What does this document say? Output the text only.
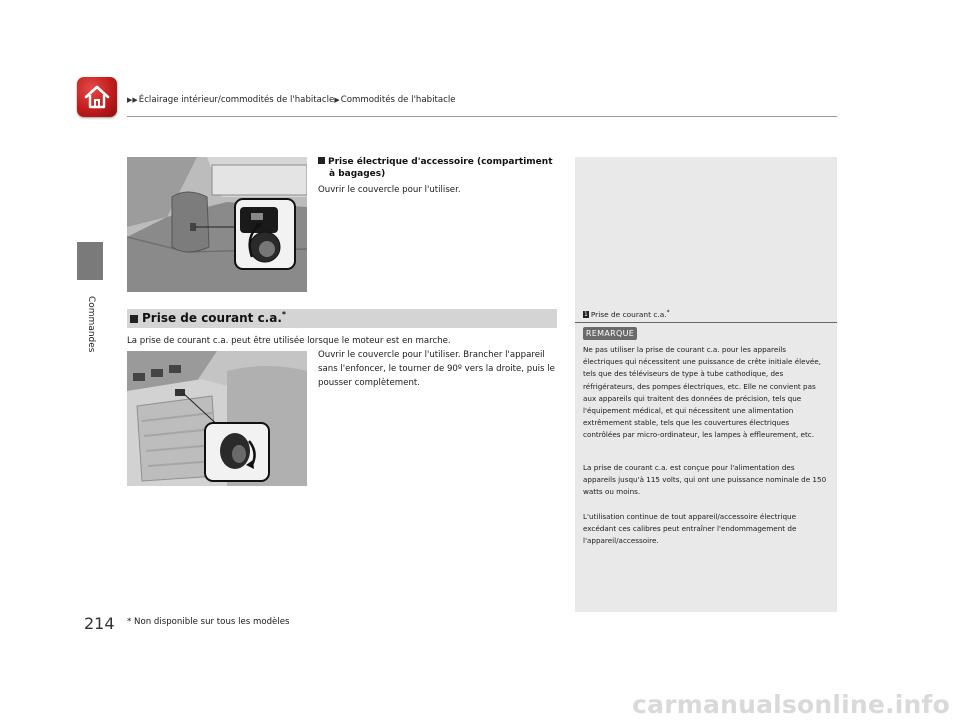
▶▶Éclairage intérieur/commodités de l'habitacle▶Commodités de l'habitacle
Commandes
Prise électrique d'accessoire (compartiment
à bagages)
Ouvrir le couvercle pour l'utiliser.
Prise de courant c.a.*
La prise de courant c.a. peut être utilisée lorsque le moteur est en marche.
Ouvrir le couvercle pour l'utiliser. Brancher l'appareil sans l'enfoncer, le tourner de 90º vers la droite, puis le pousser complètement.
1 Prise de courant c.a.*
REMARQUE
Ne pas utiliser la prise de courant c.a. pour les appareils électriques qui nécessitent une puissance de crête initiale élevée, tels que des téléviseurs de type à tube cathodique, des réfrigérateurs, des pompes électriques, etc. Elle ne convient pas aux appareils qui traitent des données de précision, tels que l'équipement médical, et qui nécessitent une alimentation extrêmement stable, tels que les couvertures électriques contrôlées par micro-ordinateur, les lampes à effleurement, etc.
La prise de courant c.a. est conçue pour l'alimentation des appareils jusqu'à 115 volts, qui ont une puissance nominale de 150 watts ou moins.
L'utilisation continue de tout appareil/accessoire électrique excédant ces calibres peut entraîner l'endommagement de l'appareil/accessoire.
214 * Non disponible sur tous les modèles
carmanualsonline.info
